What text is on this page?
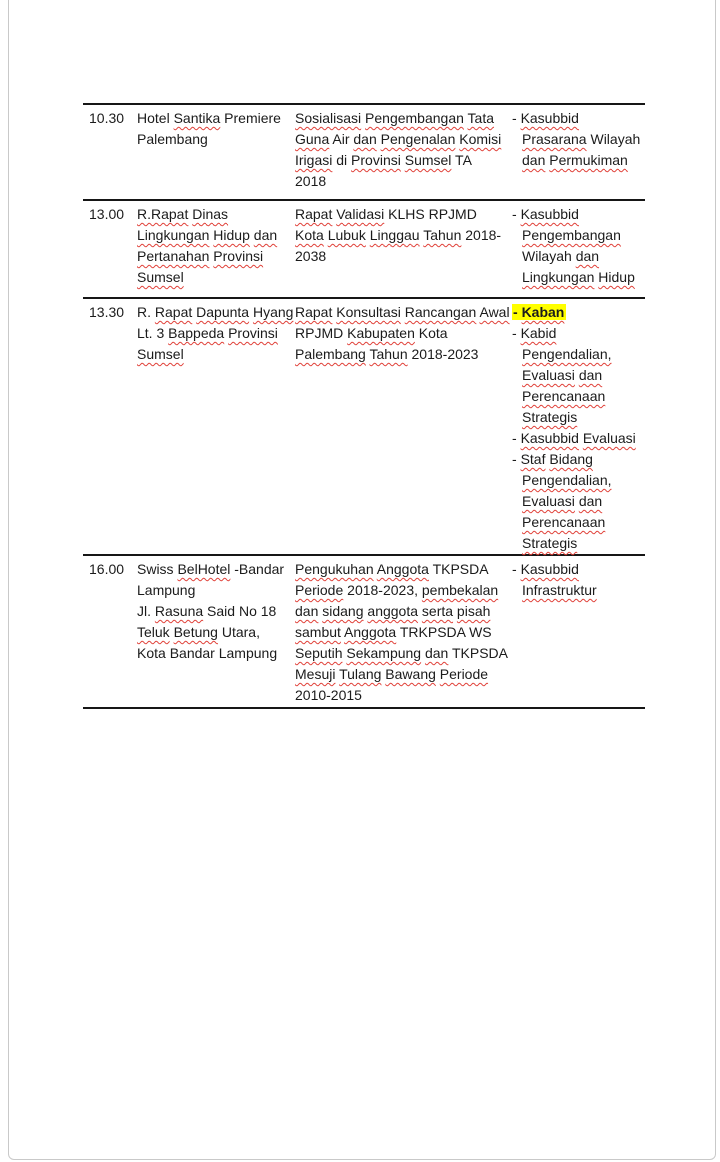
10.30 Hotel Santika Premiere
Palembang
Sosialisasi Pengembangan Tata
Guna Air dan Pengenalan Komisi
Irigasi di Provinsi Sumsel TA
2018
- Kasubbid
Prasarana Wilayah
dan Permukiman
13.00 R.Rapat Dinas
Lingkungan Hidup dan
Pertanahan Provinsi
Sumsel
Rapat Validasi KLHS RPJMD
Kota Lubuk Linggau Tahun 2018-
2038
- Kasubbid
Pengembangan
Wilayah dan
Lingkungan Hidup
13.30 R. Rapat Dapunta Hyang
Lt. 3 Bappeda Provinsi
Sumsel
Rapat Konsultasi Rancangan Awal
RPJMD Kabupaten Kota
Palembang Tahun 2018-2023
- Kaban
- Kabid
Pengendalian,
Evaluasi dan
Perencanaan
Strategis
- Kasubbid Evaluasi
- Staf Bidang
Pengendalian,
Evaluasi dan
Perencanaan
Strategis
16.00 Swiss BelHotel -Bandar
Lampung
Jl. Rasuna Said No 18
Teluk Betung Utara,
Kota Bandar Lampung
Pengukuhan Anggota TKPSDA
Periode 2018-2023, pembekalan
dan sidang anggota serta pisah
sambut Anggota TRKPSDA WS
Seputih Sekampung dan TKPSDA
Mesuji Tulang Bawang Periode
2010-2015
- Kasubbid
Infrastruktur
